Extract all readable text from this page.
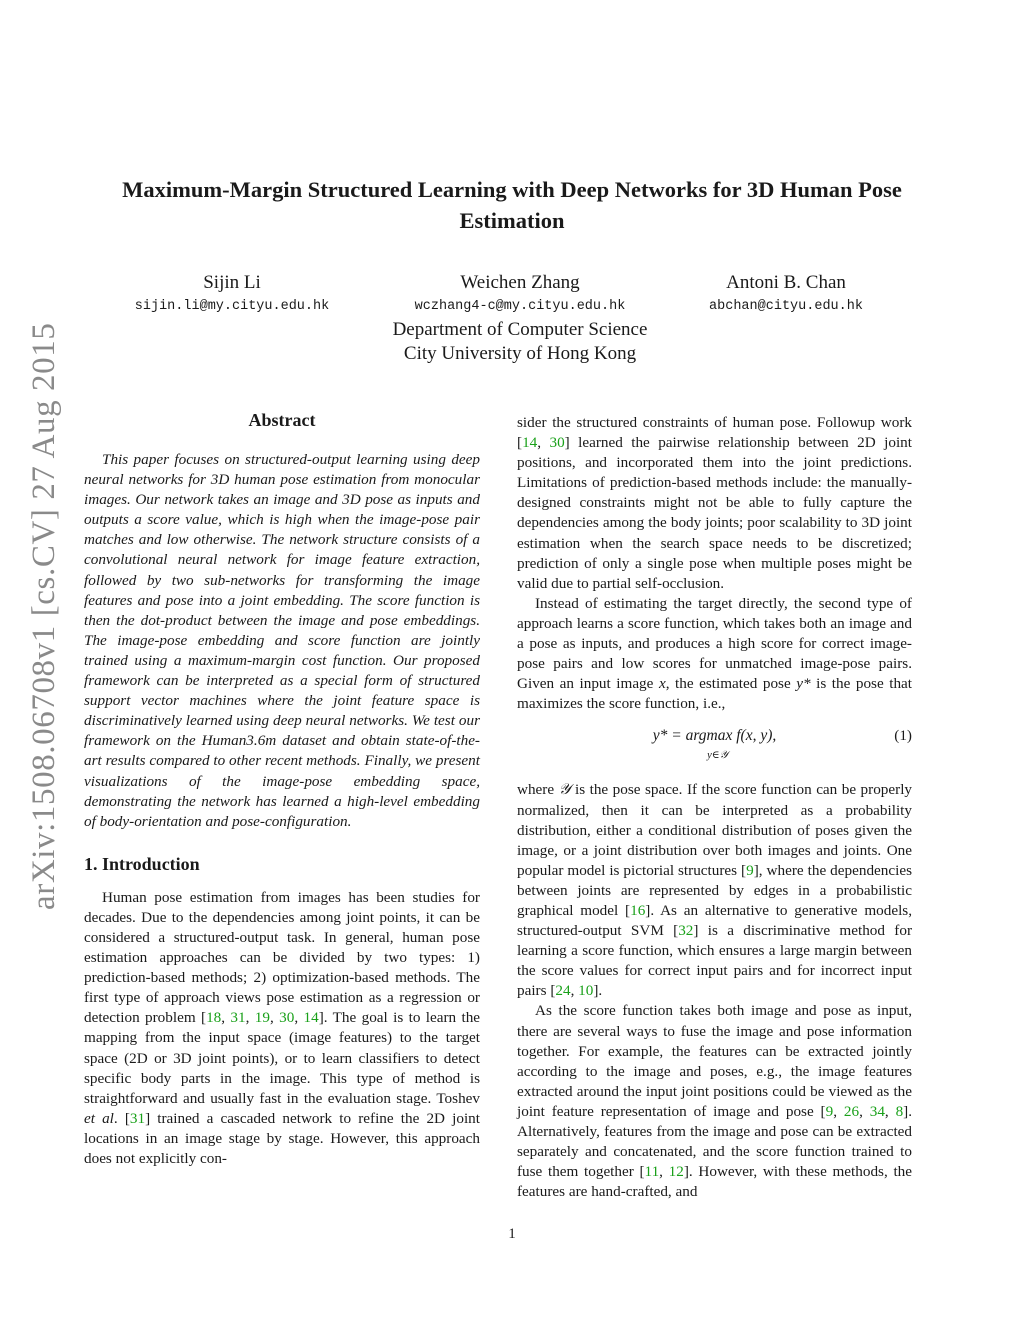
arXiv:1508.06708v1 [cs.CV] 27 Aug 2015
Maximum-Margin Structured Learning with Deep Networks for 3D Human Pose Estimation
Sijin Li
sijin.li@my.cityu.edu.hk
Weichen Zhang
wczhang4-c@my.cityu.edu.hk
Antoni B. Chan
abchan@cityu.edu.hk
Department of Computer Science
City University of Hong Kong
Abstract

This paper focuses on structured-output learning using deep neural networks for 3D human pose estimation from monocular images. Our network takes an image and 3D pose as inputs and outputs a score value, which is high when the image-pose pair matches and low otherwise. The network structure consists of a convolutional neural network for image feature extraction, followed by two sub-networks for transforming the image features and pose into a joint embedding. The score function is then the dot-product between the image and pose embeddings. The image-pose embedding and score function are jointly trained using a maximum-margin cost function. Our proposed framework can be interpreted as a special form of structured support vector machines where the joint feature space is discriminatively learned using deep neural networks. We test our framework on the Human3.6m dataset and obtain state-of-the-art results compared to other recent methods. Finally, we present visualizations of the image-pose embedding space, demonstrating the network has learned a high-level embedding of body-orientation and pose-configuration.

1. Introduction

Human pose estimation from images has been studies for decades. Due to the dependencies among joint points, it can be considered a structured-output task. In general, human pose estimation approaches can be divided by two types: 1) prediction-based methods; 2) optimization-based methods. The first type of approach views pose estimation as a regression or detection problem [18, 31, 19, 30, 14]. The goal is to learn the mapping from the input space (image features) to the target space (2D or 3D joint points), or to learn classifiers to detect specific body parts in the image. This type of method is straightforward and usually fast in the evaluation stage. Toshev et al. [31] trained a cascaded network to refine the 2D joint locations in an image stage by stage. However, this approach does not explicitly con-

sider the structured constraints of human pose. Followup work [14, 30] learned the pairwise relationship between 2D joint positions, and incorporated them into the joint predictions. Limitations of prediction-based methods include: the manually-designed constraints might not be able to fully capture the dependencies among the body joints; poor scalability to 3D joint estimation when the search space needs to be discretized; prediction of only a single pose when multiple poses might be valid due to partial self-occlusion.

Instead of estimating the target directly, the second type of approach learns a score function, which takes both an image and a pose as inputs, and produces a high score for correct image-pose pairs and low scores for unmatched image-pose pairs. Given an input image x, the estimated pose y* is the pose that maximizes the score function, i.e.,

y* = argmax f(x, y),
y∈𝒴
(1)

where 𝒴 is the pose space. If the score function can be properly normalized, then it can be interpreted as a probability distribution, either a conditional distribution of poses given the image, or a joint distribution over both images and joints. One popular model is pictorial structures [9], where the dependencies between joints are represented by edges in a probabilistic graphical model [16]. As an alternative to generative models, structured-output SVM [32] is a discriminative method for learning a score function, which ensures a large margin between the score values for correct input pairs and for incorrect input pairs [24, 10].

As the score function takes both image and pose as input, there are several ways to fuse the image and pose information together. For example, the features can be extracted jointly according to the image and poses, e.g., the image features extracted around the input joint positions could be viewed as the joint feature representation of image and pose [9, 26, 34, 8]. Alternatively, features from the image and pose can be extracted separately and concatenated, and the score function trained to fuse them together [11, 12]. However, with these methods, the features are hand-crafted, and

1
